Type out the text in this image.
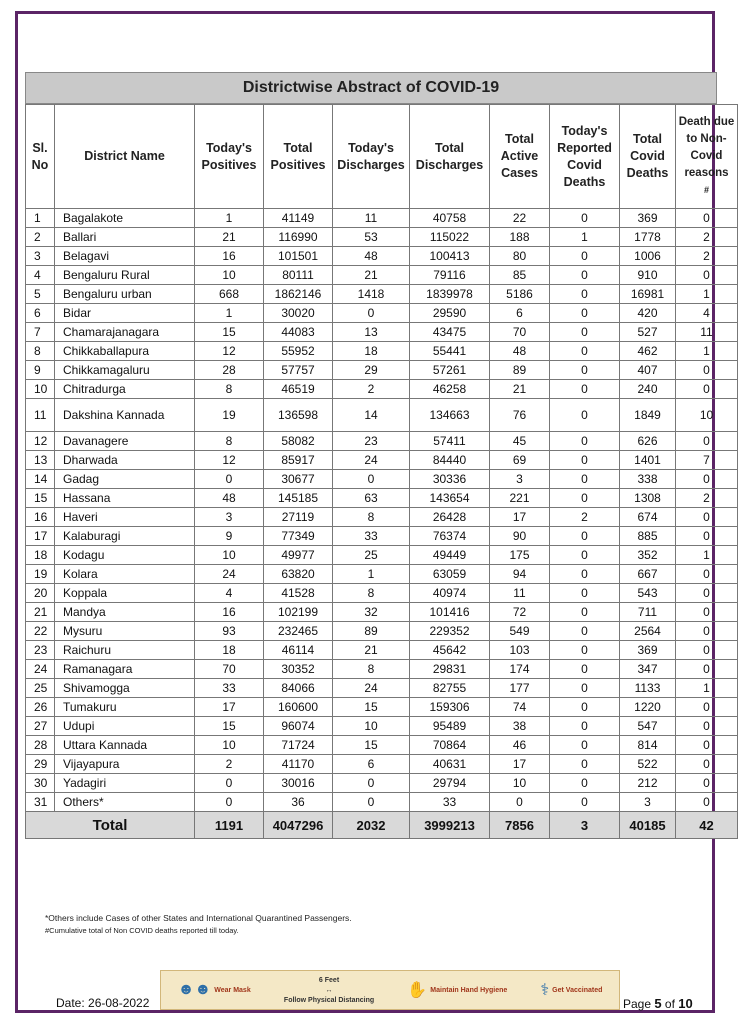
Districtwise Abstract of COVID-19
Sl. No	District Name	Today's Positives	Total Positives	Today's Discharges	Total Discharges	Total Active Cases	Today's Reported Covid Deaths	Total Covid Deaths	Death due to Non-Covid reasons
#

1	Bagalakote	1	41149	11	40758	22	0	369	0
2	Ballari	21	116990	53	115022	188	1	1778	2
3	Belagavi	16	101501	48	100413	80	0	1006	2
4	Bengaluru Rural	10	80111	21	79116	85	0	910	0
5	Bengaluru urban	668	1862146	1418	1839978	5186	0	16981	1
6	Bidar	1	30020	0	29590	6	0	420	4
7	Chamarajanagara	15	44083	13	43475	70	0	527	11
8	Chikkaballapura	12	55952	18	55441	48	0	462	1
9	Chikkamagaluru	28	57757	29	57261	89	0	407	0
10	Chitradurga	8	46519	2	46258	21	0	240	0
11	Dakshina Kannada	19	136598	14	134663	76	0	1849	10
12	Davanagere	8	58082	23	57411	45	0	626	0
13	Dharwada	12	85917	24	84440	69	0	1401	7
14	Gadag	0	30677	0	30336	3	0	338	0
15	Hassana	48	145185	63	143654	221	0	1308	2
16	Haveri	3	27119	8	26428	17	2	674	0
17	Kalaburagi	9	77349	33	76374	90	0	885	0
18	Kodagu	10	49977	25	49449	175	0	352	1
19	Kolara	24	63820	1	63059	94	0	667	0
20	Koppala	4	41528	8	40974	11	0	543	0
21	Mandya	16	102199	32	101416	72	0	711	0
22	Mysuru	93	232465	89	229352	549	0	2564	0
23	Raichuru	18	46114	21	45642	103	0	369	0
24	Ramanagara	70	30352	8	29831	174	0	347	0
25	Shivamogga	33	84066	24	82755	177	0	1133	1
26	Tumakuru	17	160600	15	159306	74	0	1220	0
27	Udupi	15	96074	10	95489	38	0	547	0
28	Uttara Kannada	10	71724	15	70864	46	0	814	0
29	Vijayapura	2	41170	6	40631	17	0	522	0
30	Yadagiri	0	30016	0	29794	10	0	212	0
31	Others*	0	36	0	33	0	0	3	0
Total		1191	4047296	2032	3999213	7856	3	40185	42
*Others include Cases of other States and International Quarantined Passengers.
#Cumulative total of Non COVID deaths reported till today.
☻☻ Wear Mask
6 Feet
↔
Follow Physical Distancing
✋ Maintain Hand Hygiene ⚕ Get Vaccinated
Date: 26-08-2022	Page 5 of 10
